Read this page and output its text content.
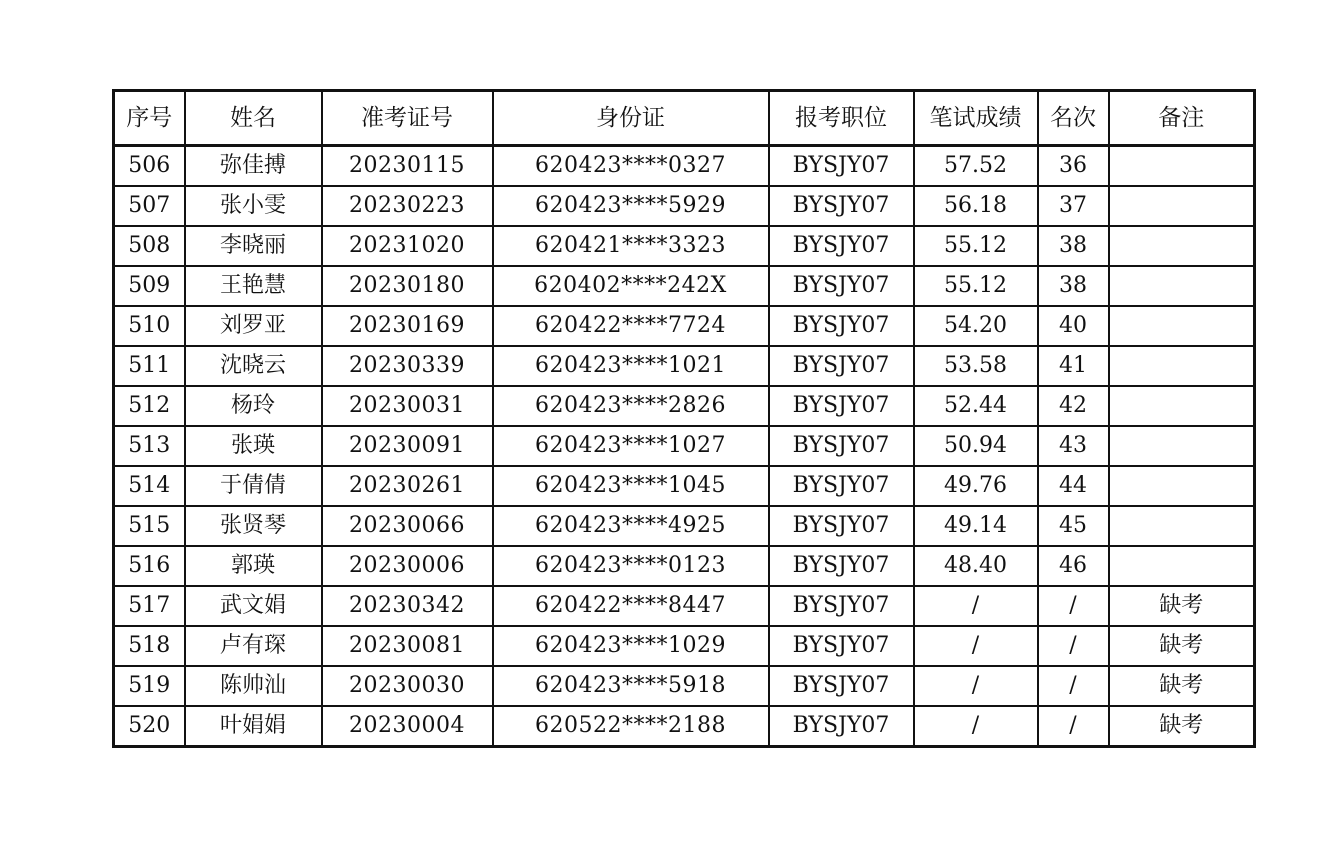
序号	姓名	准考证号	身份证	报考职位	笔试成绩	名次	备注
506	弥佳搏	20230115	620423****0327	BYSJY07	57.52	36	
507	张小雯	20230223	620423****5929	BYSJY07	56.18	37	
508	李晓丽	20231020	620421****3323	BYSJY07	55.12	38	
509	王艳慧	20230180	620402****242X	BYSJY07	55.12	38	
510	刘罗亚	20230169	620422****7724	BYSJY07	54.20	40	
511	沈晓云	20230339	620423****1021	BYSJY07	53.58	41	
512	杨玲	20230031	620423****2826	BYSJY07	52.44	42	
513	张瑛	20230091	620423****1027	BYSJY07	50.94	43	
514	于倩倩	20230261	620423****1045	BYSJY07	49.76	44	
515	张贤琴	20230066	620423****4925	BYSJY07	49.14	45	
516	郭瑛	20230006	620423****0123	BYSJY07	48.40	46	
517	武文娟	20230342	620422****8447	BYSJY07	/	/	缺考
518	卢有琛	20230081	620423****1029	BYSJY07	/	/	缺考
519	陈帅汕	20230030	620423****5918	BYSJY07	/	/	缺考
520	叶娟娟	20230004	620522****2188	BYSJY07	/	/	缺考
